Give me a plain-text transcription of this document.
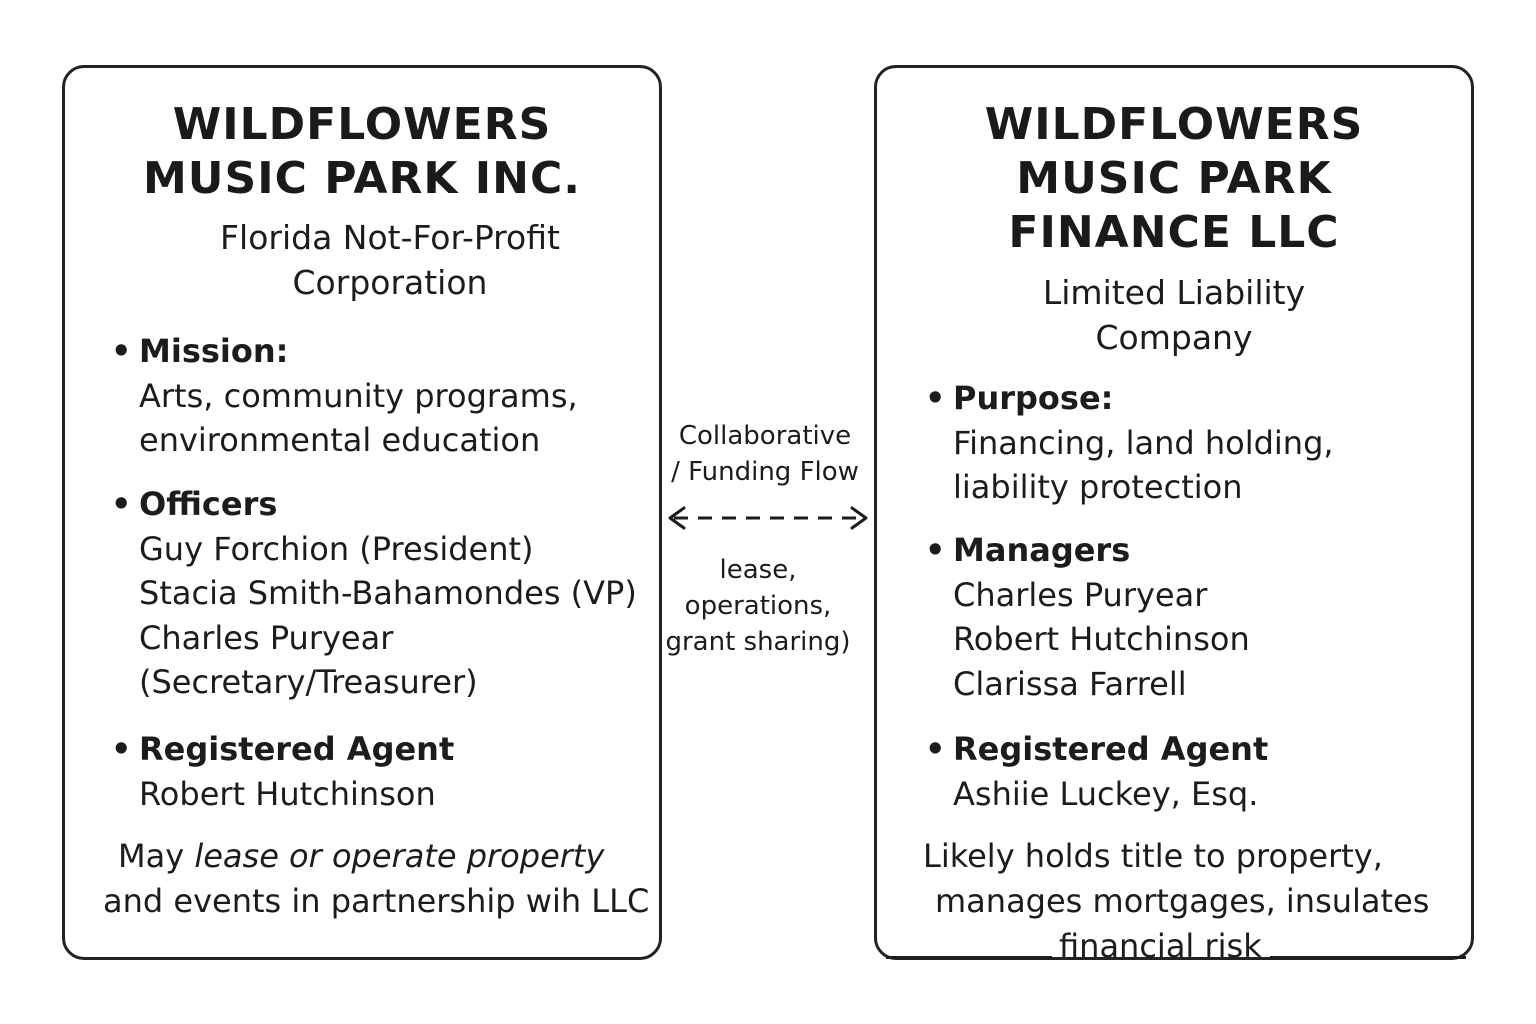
WILDFLOWERS
MUSIC PARK INC.
Florida Not-For-Profit
Corporation
• Mission:
Arts, community programs,
environmental education
• Officers
Guy Forchion (President)
Stacia Smith-Bahamondes (VP)
Charles Puryear
(Secretary/Treasurer)
• Registered Agent
Robert Hutchinson
May lease or operate property
and events in partnership wih LLC
Collaborative
/ Funding Flow
lease,
operations,
grant sharing)
WILDFLOWERS
MUSIC PARK
FINANCE LLC
Limited Liability
Company
• Purpose:
Financing, land holding,
liability protection
• Managers
Charles Puryear
Robert Hutchinson
Clarissa Farrell
• Registered Agent
Ashiie Luckey, Esq.
Likely holds title to property,
manages mortgages, insulates
financial risk
